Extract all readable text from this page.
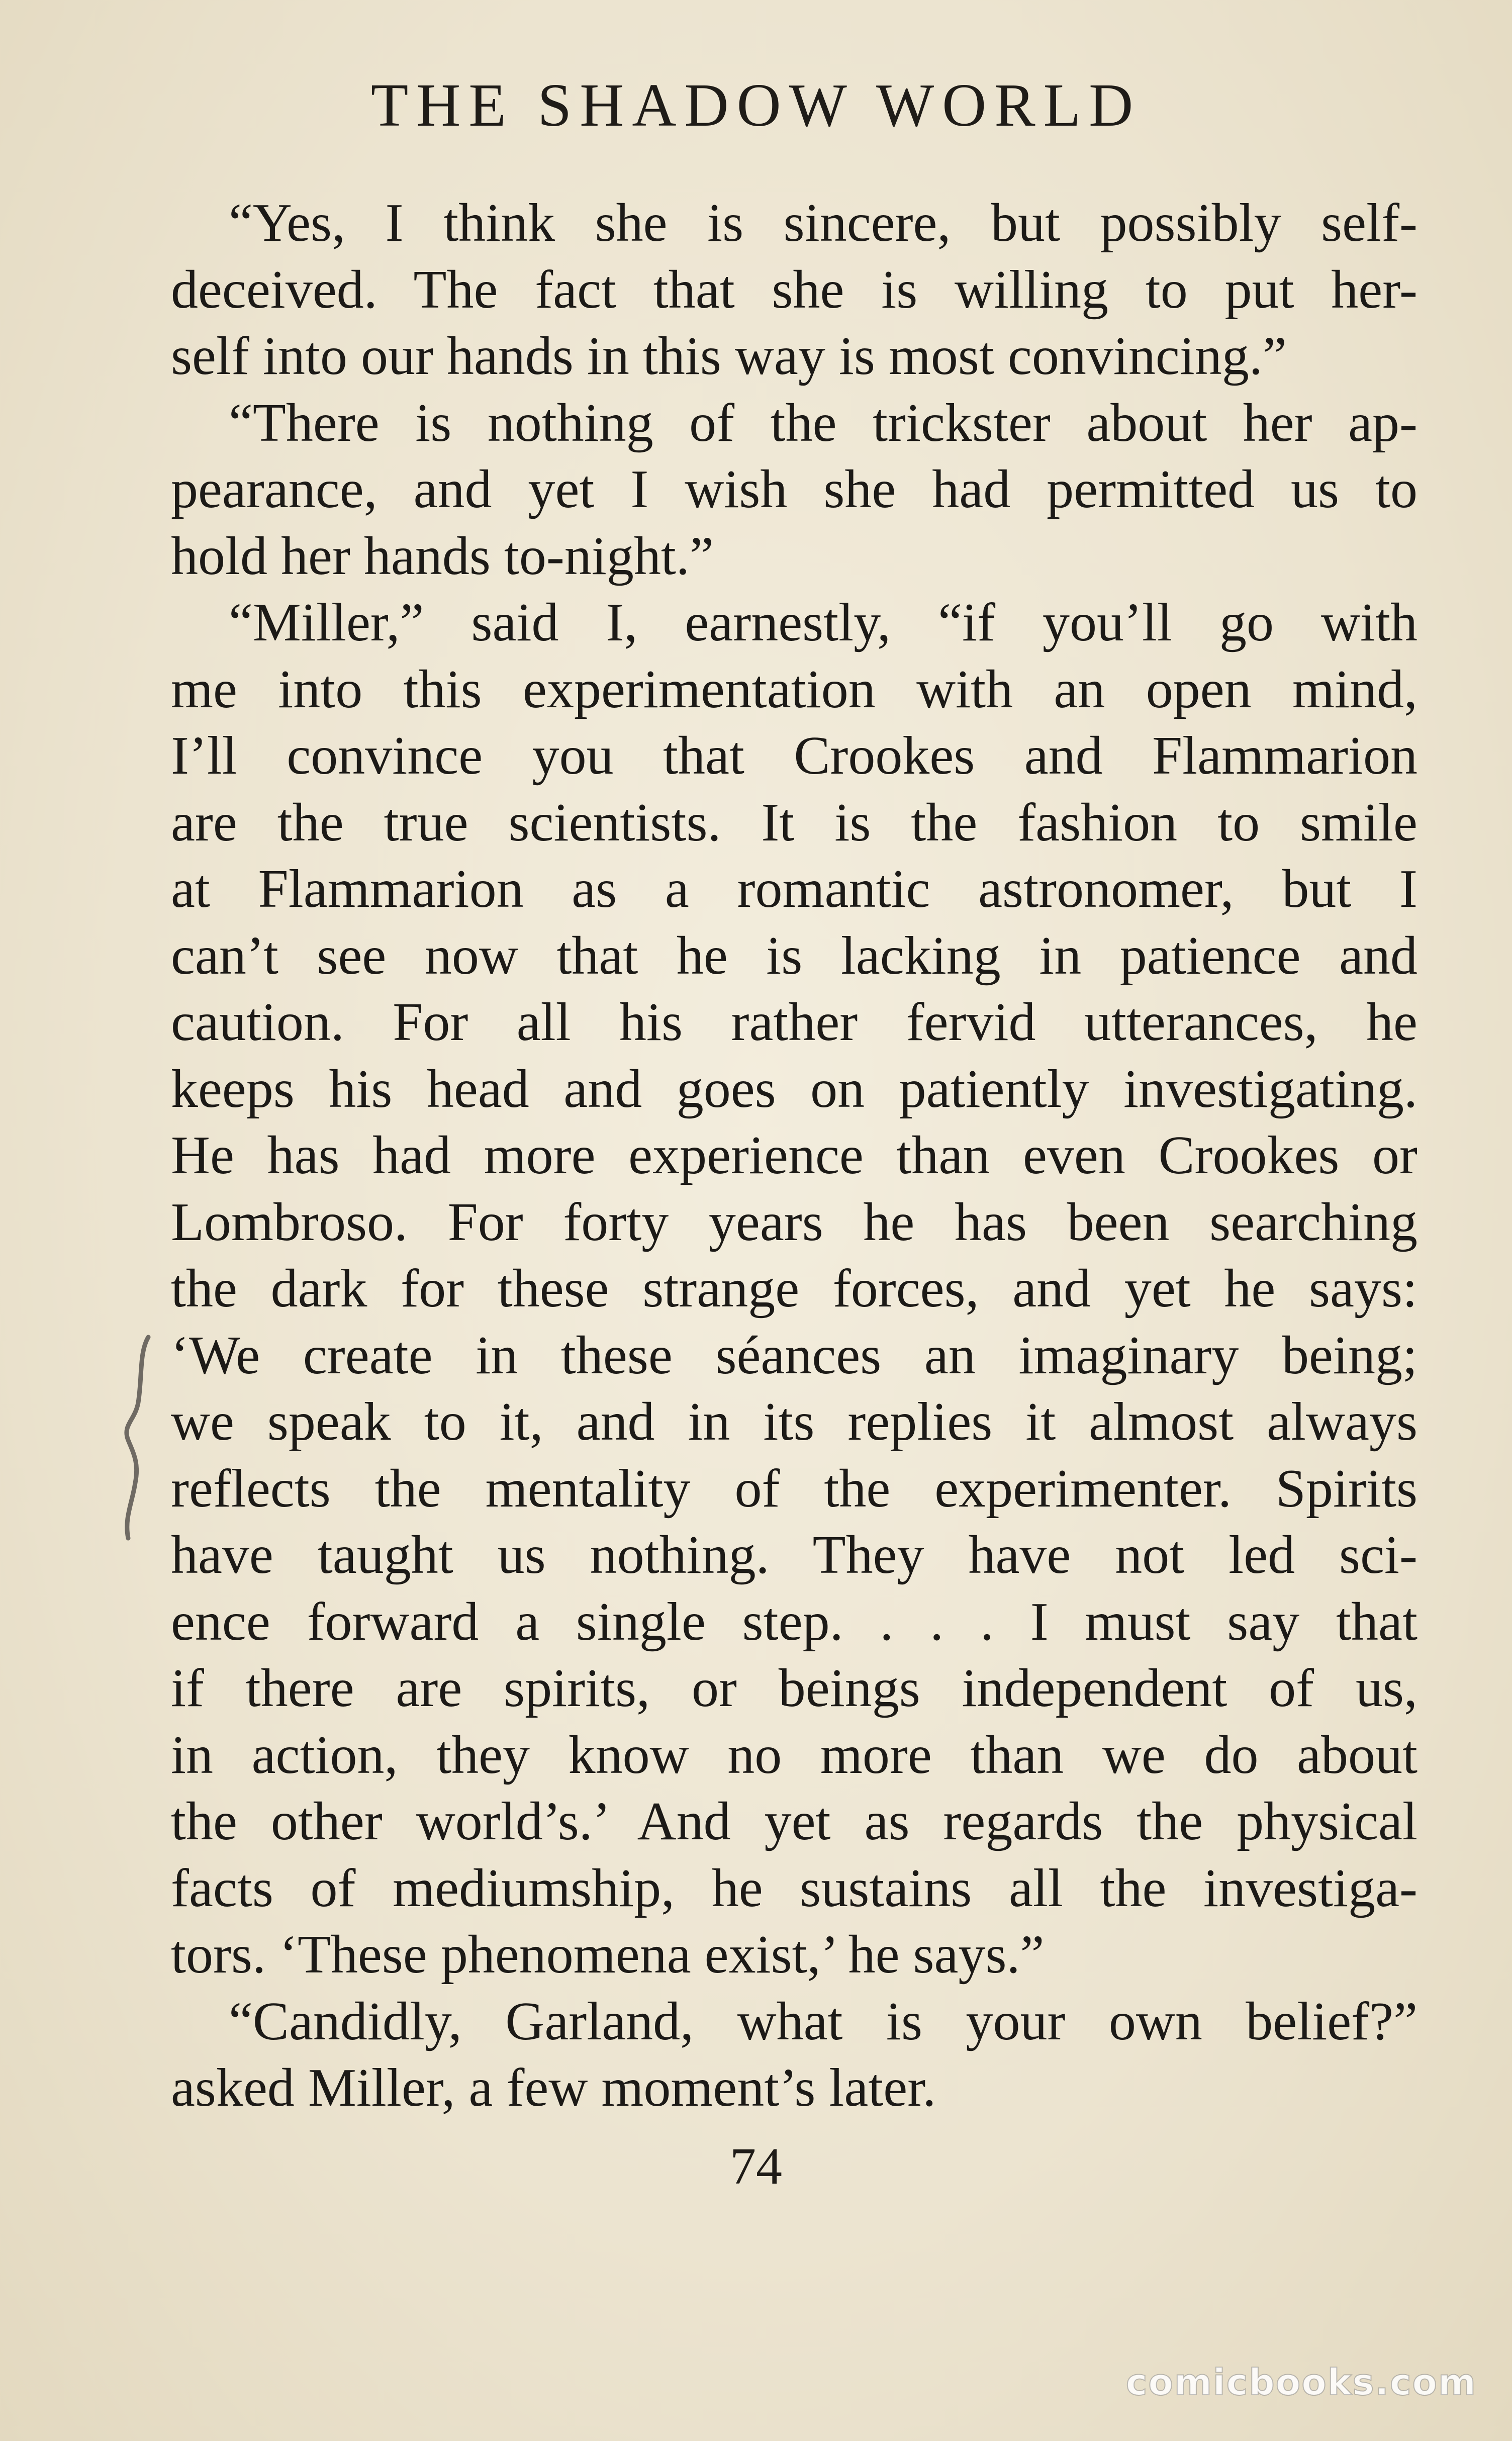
THE SHADOW WORLD
“Yes, I think she is sincere, but possibly self-
deceived. The fact that she is willing to put her-
self into our hands in this way is most convincing.”
“There is nothing of the trickster about her ap-
pearance, and yet I wish she had permitted us to
hold her hands to-night.”
“Miller,” said I, earnestly, “if you’ll go with
me into this experimentation with an open mind,
I’ll convince you that Crookes and Flammarion
are the true scientists. It is the fashion to smile
at Flammarion as a romantic astronomer, but I
can’t see now that he is lacking in patience and
caution. For all his rather fervid utterances, he
keeps his head and goes on patiently investigating.
He has had more experience than even Crookes or
Lombroso. For forty years he has been searching
the dark for these strange forces, and yet he says:
‘We create in these séances an imaginary being;
we speak to it, and in its replies it almost always
reflects the mentality of the experimenter. Spirits
have taught us nothing. They have not led sci-
ence forward a single step. . . . I must say that
if there are spirits, or beings independent of us,
in action, they know no more than we do about
the other world’s.’ And yet as regards the physical
facts of mediumship, he sustains all the investiga-
tors. ‘These phenomena exist,’ he says.”
“Candidly, Garland, what is your own belief?”
asked Miller, a few moment’s later.
74
comicbooks.com
